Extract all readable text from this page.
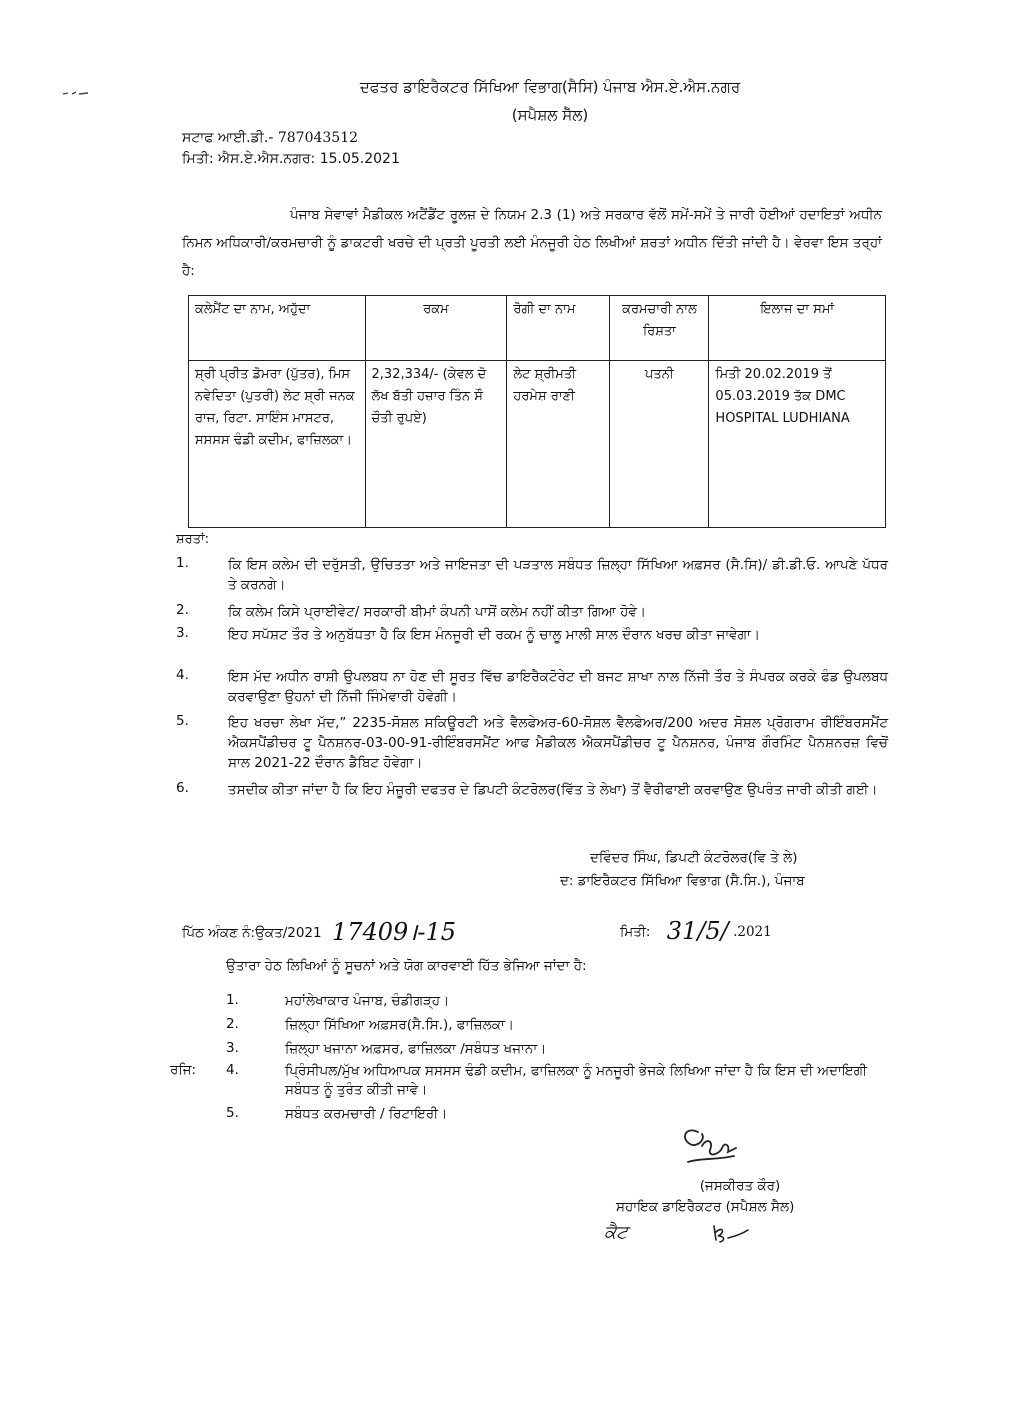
ਦਫਤਰ ਡਾਇਰੈਕਟਰ ਸਿੱਖਿਆ ਵਿਭਾਗ(ਸੈਸਿ) ਪੰਜਾਬ ਐਸ.ਏ.ਐਸ.ਨਗਰ
(ਸਪੈਸ਼ਲ ਸੈੱਲ)
ਸਟਾਫ ਆਈ.ਡੀ.- 787043512
ਮਿਤੀ: ਐਸ.ਏ.ਐਸ.ਨਗਰ: 15.05.2021
ਪੰਜਾਬ ਸੇਵਾਵਾਂ ਮੈਡੀਕਲ ਅਟੈਂਡੈਂਟ ਰੂਲਜ਼ ਦੇ ਨਿਯਮ 2.3 (1) ਅਤੇ ਸਰਕਾਰ ਵੱਲੋਂ ਸਮੇਂ-ਸਮੇਂ ਤੇ ਜਾਰੀ ਹੋਈਆਂ ਹਦਾਇਤਾਂ ਅਧੀਨ ਨਿਮਨ ਅਧਿਕਾਰੀ/ਕਰਮਚਾਰੀ ਨੂੰ ਡਾਕਟਰੀ ਖਰਚੇ ਦੀ ਪ੍ਰਤੀ ਪੂਰਤੀ ਲਈ ਮੰਨਜੂਰੀ ਹੇਠ ਲਿਖੀਆਂ ਸ਼ਰਤਾਂ ਅਧੀਨ ਦਿੱਤੀ ਜਾਂਦੀ ਹੈ। ਵੇਰਵਾ ਇਸ ਤਰ੍ਹਾਂ ਹੈ:
ਕਲੇਮੈਂਟ ਦਾ ਨਾਮ, ਅਹੁੱਦਾ	ਰਕਮ	ਰੋਗੀ ਦਾ ਨਾਮ	ਕਰਮਚਾਰੀ ਨਾਲ ਰਿਸ਼ਤਾ	ਇਲਾਜ ਦਾ ਸਮਾਂ
ਸ਼੍ਰੀ ਪ੍ਰੀਤ ਡੋਮਰਾ (ਪੁੱਤਰ), ਮਿਸ ਨਵੇਦਿਤਾ (ਪੁਤਰੀ) ਲੇਟ ਸ਼੍ਰੀ ਜਨਕ ਰਾਜ, ਰਿਟਾ. ਸਾਇੰਸ ਮਾਸਟਰ, ਸਸਸਸ ਢੰਡੀ ਕਦੀਮ, ਫਾਜ਼ਿਲਕਾ।	2,32,334/- (ਕੇਵਲ ਦੋ ਲੱਖ ਬੱਤੀ ਹਜ਼ਾਰ ਤਿੰਨ ਸੌ ਚੌਤੀ ਰੁਪਏ)	ਲੇਟ ਸ਼੍ਰੀਮਤੀ ਹਰਮੇਸ਼ ਰਾਣੀ	ਪਤਨੀ	ਮਿਤੀ 20.02.2019 ਤੋਂ 05.03.2019 ਤੱਕ DMC HOSPITAL LUDHIANA
ਸ਼ਰਤਾਂ:
1.	ਕਿ ਇਸ ਕਲੇਮ ਦੀ ਦਰੁੱਸਤੀ, ਉਚਿਤਤਾ ਅਤੇ ਜਾਇਜਤਾ ਦੀ ਪੜਤਾਲ ਸਬੰਧਤ ਜ਼ਿਲ੍ਹਾ ਸਿੱਖਿਆ ਅਫ਼ਸਰ (ਸੈ.ਸਿ)/ ਡੀ.ਡੀ.ਓ. ਆਪਣੇ ਪੱਧਰ ਤੇ ਕਰਨਗੇ।
2.	ਕਿ ਕਲੇਮ ਕਿਸੇ ਪ੍ਰਾਈਵੇਟ/ ਸਰਕਾਰੀ ਬੀਮਾਂ ਕੰਪਨੀ ਪਾਸੋਂ ਕਲੇਮ ਨਹੀਂ ਕੀਤਾ ਗਿਆ ਹੋਵੇ।
3.	ਇਹ ਸਪੱਸ਼ਟ ਤੌਰ ਤੇ ਅਨੁਬੱਧਤਾ ਹੈ ਕਿ ਇਸ ਮੰਨਜੂਰੀ ਦੀ ਰਕਮ ਨੂੰ ਚਾਲੂ ਮਾਲੀ ਸਾਲ ਦੌਰਾਨ ਖਰਚ ਕੀਤਾ ਜਾਵੇਗਾ।
4.	ਇਸ ਮੱਦ ਅਧੀਨ ਰਾਸ਼ੀ ਉਪਲਬਧ ਨਾ ਹੋਣ ਦੀ ਸੂਰਤ ਵਿੱਚ ਡਾਇਰੈਕਟੋਰੇਟ ਦੀ ਬਜਟ ਸ਼ਾਖਾ ਨਾਲ ਨਿੱਜੀ ਤੌਰ ਤੇ ਸੰਪਰਕ ਕਰਕੇ ਫੰਡ ਉਪਲਬਧ ਕਰਵਾਉਣਾ ਉਹਨਾਂ ਦੀ ਨਿੱਜੀ ਜਿੰਮੇਵਾਰੀ ਹੋਵੇਗੀ।
5.	ਇਹ ਖਰਚਾ ਲੇਖਾ ਮੱਦ,” 2235-ਸੋਸ਼ਲ ਸਕਿਊਰਟੀ ਅਤੇ ਵੈਲਫੇਅਰ-60-ਸੋਸ਼ਲ ਵੈਲਫੇਅਰ/200 ਅਦਰ ਸੋਸ਼ਲ ਪ੍ਰੋਗਰਾਮ ਰੀਇੰਬਰਸਮੈਂਟ ਐਕਸਪੈਂਡੀਚਰ ਟੂ ਪੈਨਸ਼ਨਰ-03-00-91-ਰੀਇੰਬਰਸਮੈਂਟ ਆਫ ਮੈਡੀਕਲ ਐਕਸਪੈਂਡੀਚਰ ਟੂ ਪੈਨਸ਼ਨਰ, ਪੰਜਾਬ ਗੌਰਮਿੰਟ ਪੈਨਸ਼ਨਰਜ਼ ਵਿਚੋਂ ਸਾਲ 2021-22 ਦੌਰਾਨ ਡੈਬਿਟ ਹੋਵੇਗਾ।
6.	ਤਸਦੀਕ ਕੀਤਾ ਜਾਂਦਾ ਹੈ ਕਿ ਇਹ ਮੰਜ਼ੂਰੀ ਦਫਤਰ ਦੇ ਡਿਪਟੀ ਕੰਟਰੋਲਰ(ਵਿੱਤ ਤੇ ਲੇਖਾ) ਤੋਂ ਵੈਰੀਫਾਈ ਕਰਵਾਉਣ ਉਪਰੰਤ ਜਾਰੀ ਕੀਤੀ ਗਈ।
ਦਵਿੰਦਰ ਸਿੰਘ, ਡਿਪਟੀ ਕੰਟਰੋਲਰ(ਵਿ ਤੇ ਲੇ)
ਦ: ਡਾਇਰੈਕਟਰ ਸਿੱਖਿਆ ਵਿਭਾਗ (ਸੈ.ਸਿ.), ਪੰਜਾਬ
ਪਿੱਠ ਅੰਕਣ ਨੰ:ਉਕਤ/2021 17409।-15	ਮਿਤੀ: 31/5/ .2021
ਉਤਾਰਾ ਹੇਠ ਲਿਖਿਆਂ ਨੂੰ ਸੂਚਨਾਂ ਅਤੇ ਯੋਗ ਕਾਰਵਾਈ ਹਿੱਤ ਭੇਜਿਆ ਜਾਂਦਾ ਹੈ:
1.	ਮਹਾਂਲੇਖਾਕਾਰ ਪੰਜਾਬ, ਚੰਡੀਗੜ੍ਹ।
2.	ਜ਼ਿਲ੍ਹਾ ਸਿੱਖਿਆ ਅਫ਼ਸਰ(ਸੈ.ਸਿ.), ਫਾਜ਼ਿਲਕਾ।
3.	ਜ਼ਿਲ੍ਹਾ ਖਜਾਨਾ ਅਫ਼ਸਰ, ਫਾਜ਼ਿਲਕਾ /ਸਬੰਧਤ ਖਜਾਨਾ।
ਰਜਿ: 4.	ਪ੍ਰਿੰਸੀਪਲ/ਮੁੱਖ ਅਧਿਆਪਕ ਸਸਸਸ ਢੰਡੀ ਕਦੀਮ, ਫਾਜ਼ਿਲਕਾ ਨੂੰ ਮਨਜੂਰੀ ਭੇਜਕੇ ਲਿਖਿਆ ਜਾਂਦਾ ਹੈ ਕਿ ਇਸ ਦੀ ਅਦਾਇਗੀ ਸਬੰਧਤ ਨੂੰ ਤੁਰੰਤ ਕੀਤੀ ਜਾਵੇ।
5.	ਸਬੰਧਤ ਕਰਮਚਾਰੀ / ਰਿਟਾਇਰੀ।
(ਜਸਕੀਰਤ ਕੌਰ)
ਸਹਾਇਕ ਡਾਇਰੈਕਟਰ (ਸਪੈਸ਼ਲ ਸੈਲ)
ਕੈਟ
